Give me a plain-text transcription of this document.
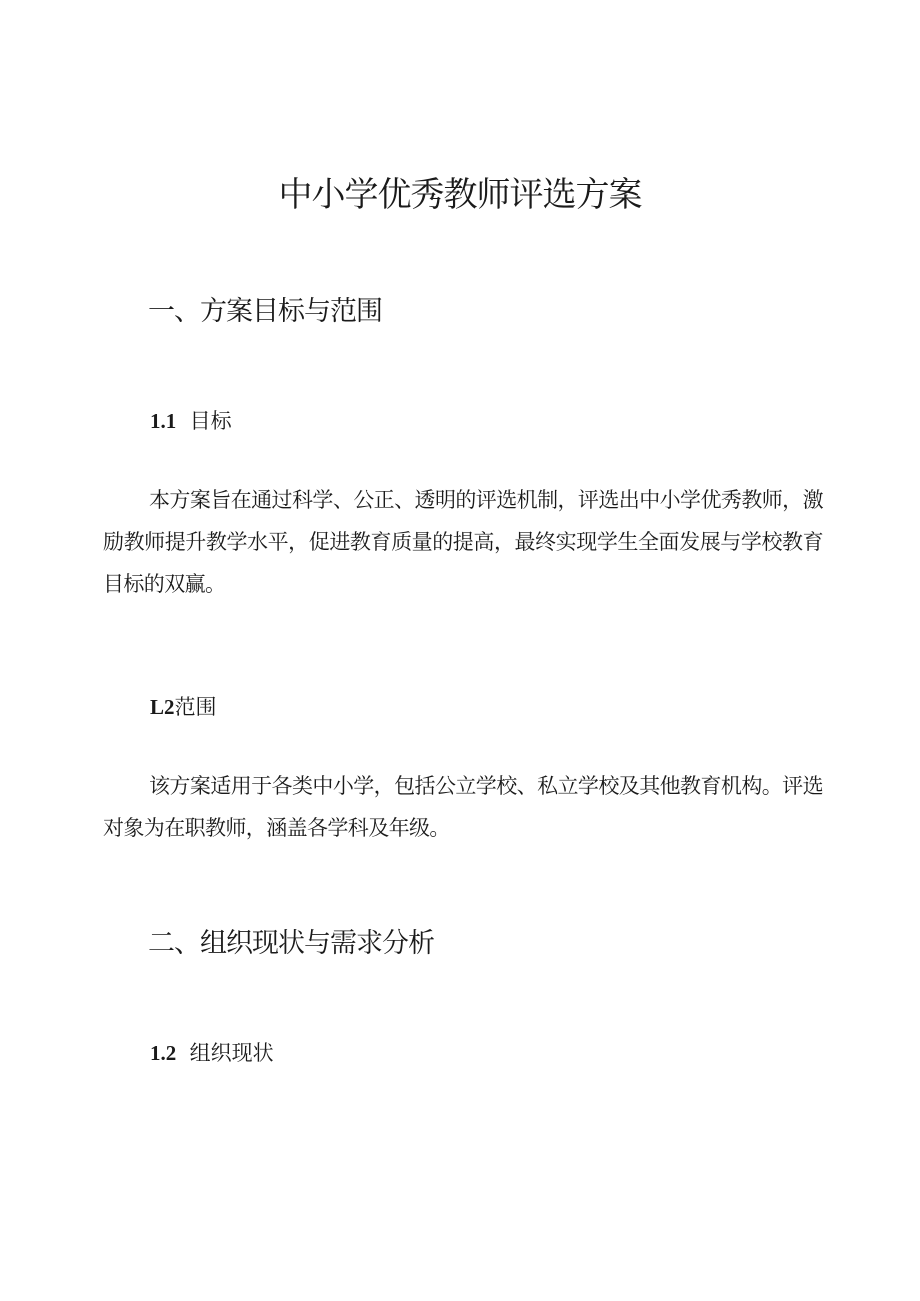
中小学优秀教师评选方案
一、方案目标与范围
1.1 目标

本方案旨在通过科学、公正、透明的评选机制，评选出中小学优秀教师，激励教师提升教学水平，促进教育质量的提高，最终实现学生全面发展与学校教育目标的双赢。

L2范围

该方案适用于各类中小学，包括公立学校、私立学校及其他教育机构。评选对象为在职教师，涵盖各学科及年级。

二、组织现状与需求分析
1.2 组织现状
